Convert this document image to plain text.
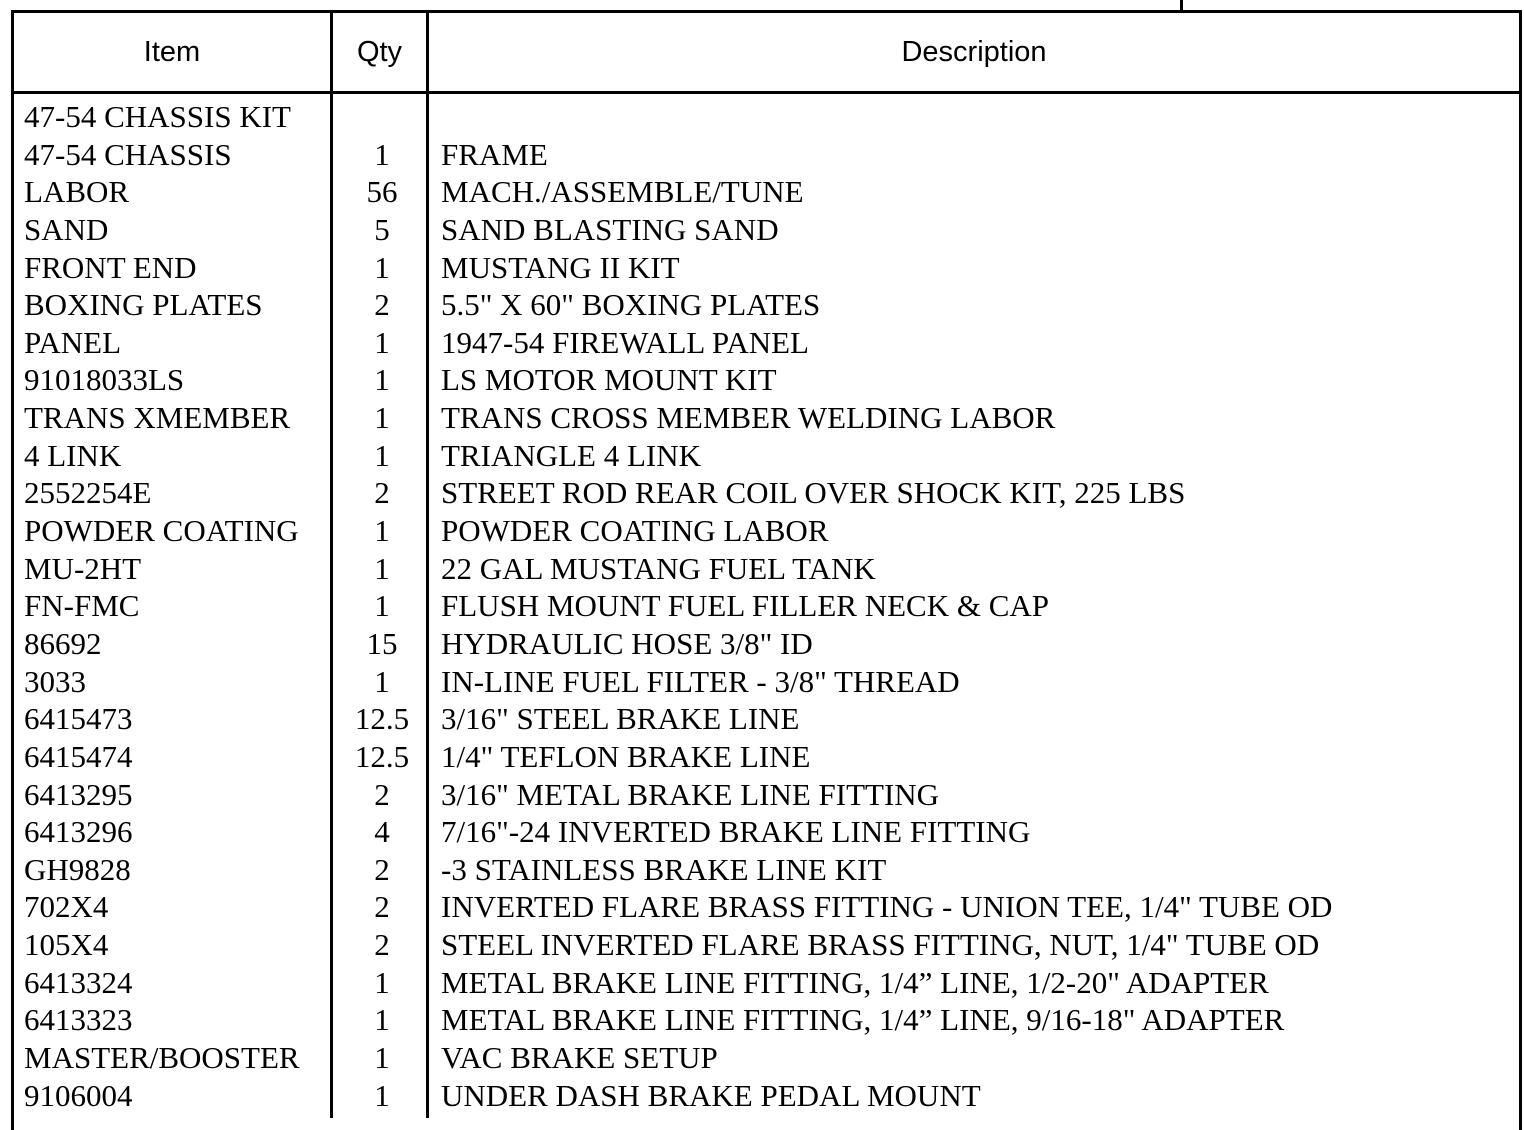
Item	Qty	Description
47-54 CHASSIS KIT
47-54 CHASSIS	1	FRAME
LABOR	56	MACH./ASSEMBLE/TUNE
SAND	5	SAND BLASTING SAND
FRONT END	1	MUSTANG II KIT
BOXING PLATES	2	5.5" X 60" BOXING PLATES
PANEL	1	1947-54 FIREWALL PANEL
91018033LS	1	LS MOTOR MOUNT KIT
TRANS XMEMBER	1	TRANS CROSS MEMBER WELDING LABOR
4 LINK	1	TRIANGLE 4 LINK
2552254E	2	STREET ROD REAR COIL OVER SHOCK KIT, 225 LBS
POWDER COATING	1	POWDER COATING LABOR
MU-2HT	1	22 GAL MUSTANG FUEL TANK
FN-FMC	1	FLUSH MOUNT FUEL FILLER NECK & CAP
86692	15	HYDRAULIC HOSE 3/8" ID
3033	1	IN-LINE FUEL FILTER - 3/8" THREAD
6415473	12.5	3/16" STEEL BRAKE LINE
6415474	12.5	1/4" TEFLON BRAKE LINE
6413295	2	3/16" METAL BRAKE LINE FITTING
6413296	4	7/16"-24 INVERTED BRAKE LINE FITTING
GH9828	2	-3 STAINLESS BRAKE LINE KIT
702X4	2	INVERTED FLARE BRASS FITTING - UNION TEE, 1/4" TUBE OD
105X4	2	STEEL INVERTED FLARE BRASS FITTING, NUT, 1/4" TUBE OD
6413324	1	METAL BRAKE LINE FITTING, 1/4” LINE, 1/2-20" ADAPTER
6413323	1	METAL BRAKE LINE FITTING, 1/4” LINE, 9/16-18" ADAPTER
MASTER/BOOSTER	1	VAC BRAKE SETUP
9106004	1	UNDER DASH BRAKE PEDAL MOUNT
